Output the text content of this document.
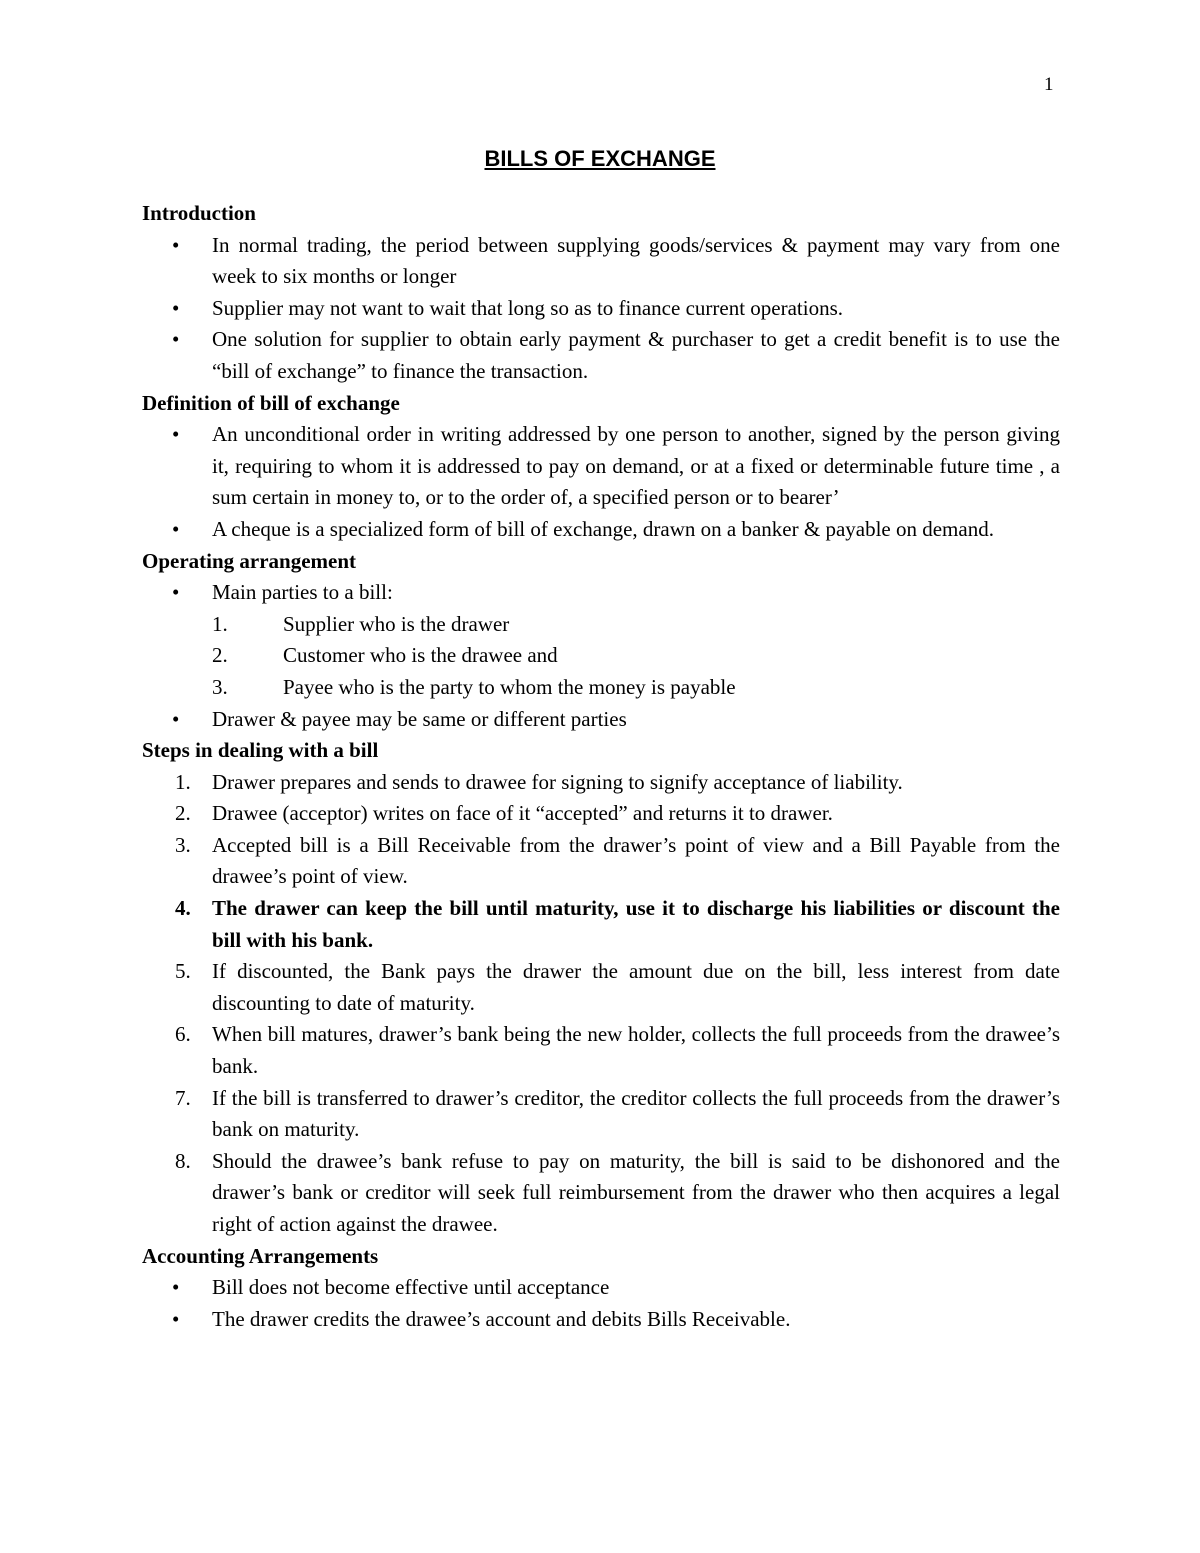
1
BILLS OF EXCHANGE
Introduction
• In normal trading, the period between supplying goods/services & payment may vary from one week to six months or longer
• Supplier may not want to wait that long so as to finance current operations.
• One solution for supplier to obtain early payment & purchaser to get a credit benefit is to use the “bill of exchange” to finance the transaction.
Definition of bill of exchange
• An unconditional order in writing addressed by one person to another, signed by the person giving it, requiring to whom it is addressed to pay on demand, or at a fixed or determinable future time , a sum certain in money to, or to the order of, a specified person or to bearer’
• A cheque is a specialized form of bill of exchange, drawn on a banker & payable on demand.
Operating arrangement
• Main parties to a bill:
1.	Supplier who is the drawer
2.	Customer who is the drawee and
3.	Payee who is the party to whom the money is payable
• Drawer & payee may be same or different parties
Steps in dealing with a bill
1. Drawer prepares and sends to drawee for signing to signify acceptance of liability.
2. Drawee (acceptor) writes on face of it “accepted” and returns it to drawer.
3. Accepted bill is a Bill Receivable from the drawer’s point of view and a Bill Payable from the drawee’s point of view.
4. The drawer can keep the bill until maturity, use it to discharge his liabilities or discount the bill with his bank.
5. If discounted, the Bank pays the drawer the amount due on the bill, less interest from date discounting to date of maturity.
6. When bill matures, drawer’s bank being the new holder, collects the full proceeds from the drawee’s bank.
7. If the bill is transferred to drawer’s creditor, the creditor collects the full proceeds from the drawer’s bank on maturity.
8. Should the drawee’s bank refuse to pay on maturity, the bill is said to be dishonored and the drawer’s bank or creditor will seek full reimbursement from the drawer who then acquires a legal right of action against the drawee.
Accounting Arrangements
• Bill does not become effective until acceptance
• The drawer credits the drawee’s account and debits Bills Receivable.
